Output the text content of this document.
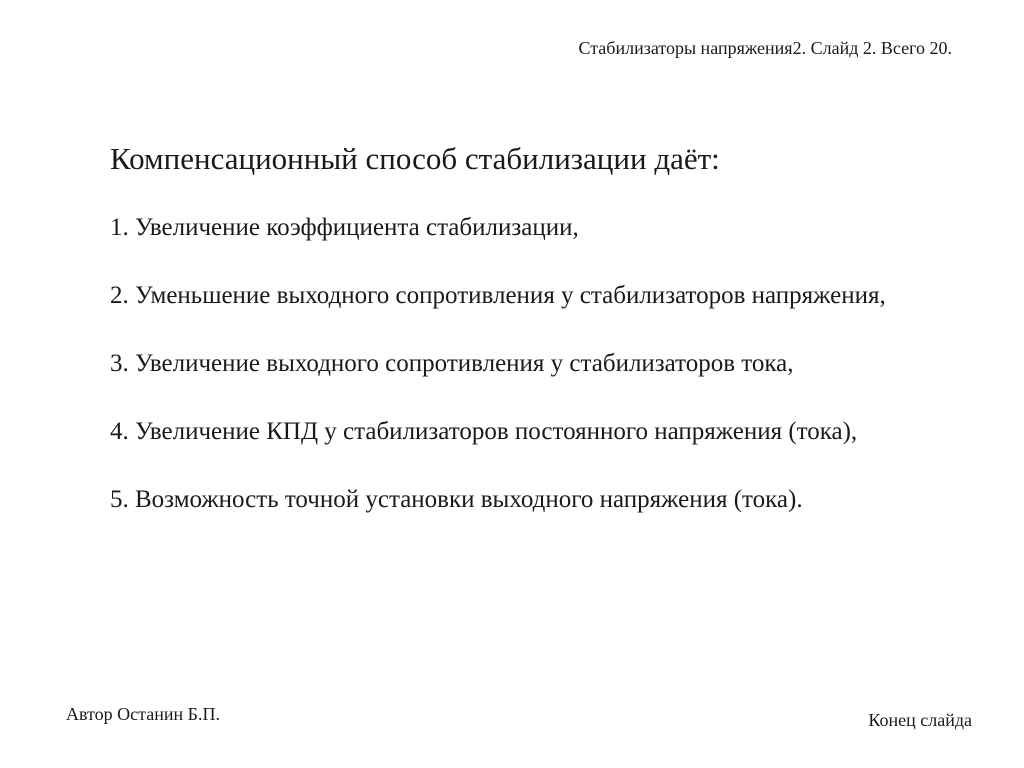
Стабилизаторы напряжения2. Слайд 2. Всего 20.
Компенсационный способ стабилизации даёт:
1. Увеличение коэффициента стабилизации,
2. Уменьшение выходного сопротивления у стабилизаторов напряжения,
3. Увеличение выходного сопротивления у стабилизаторов тока,
4. Увеличение КПД у стабилизаторов постоянного напряжения (тока),
5. Возможность точной установки выходного напряжения (тока).
Автор Останин Б.П.	Конец слайда
